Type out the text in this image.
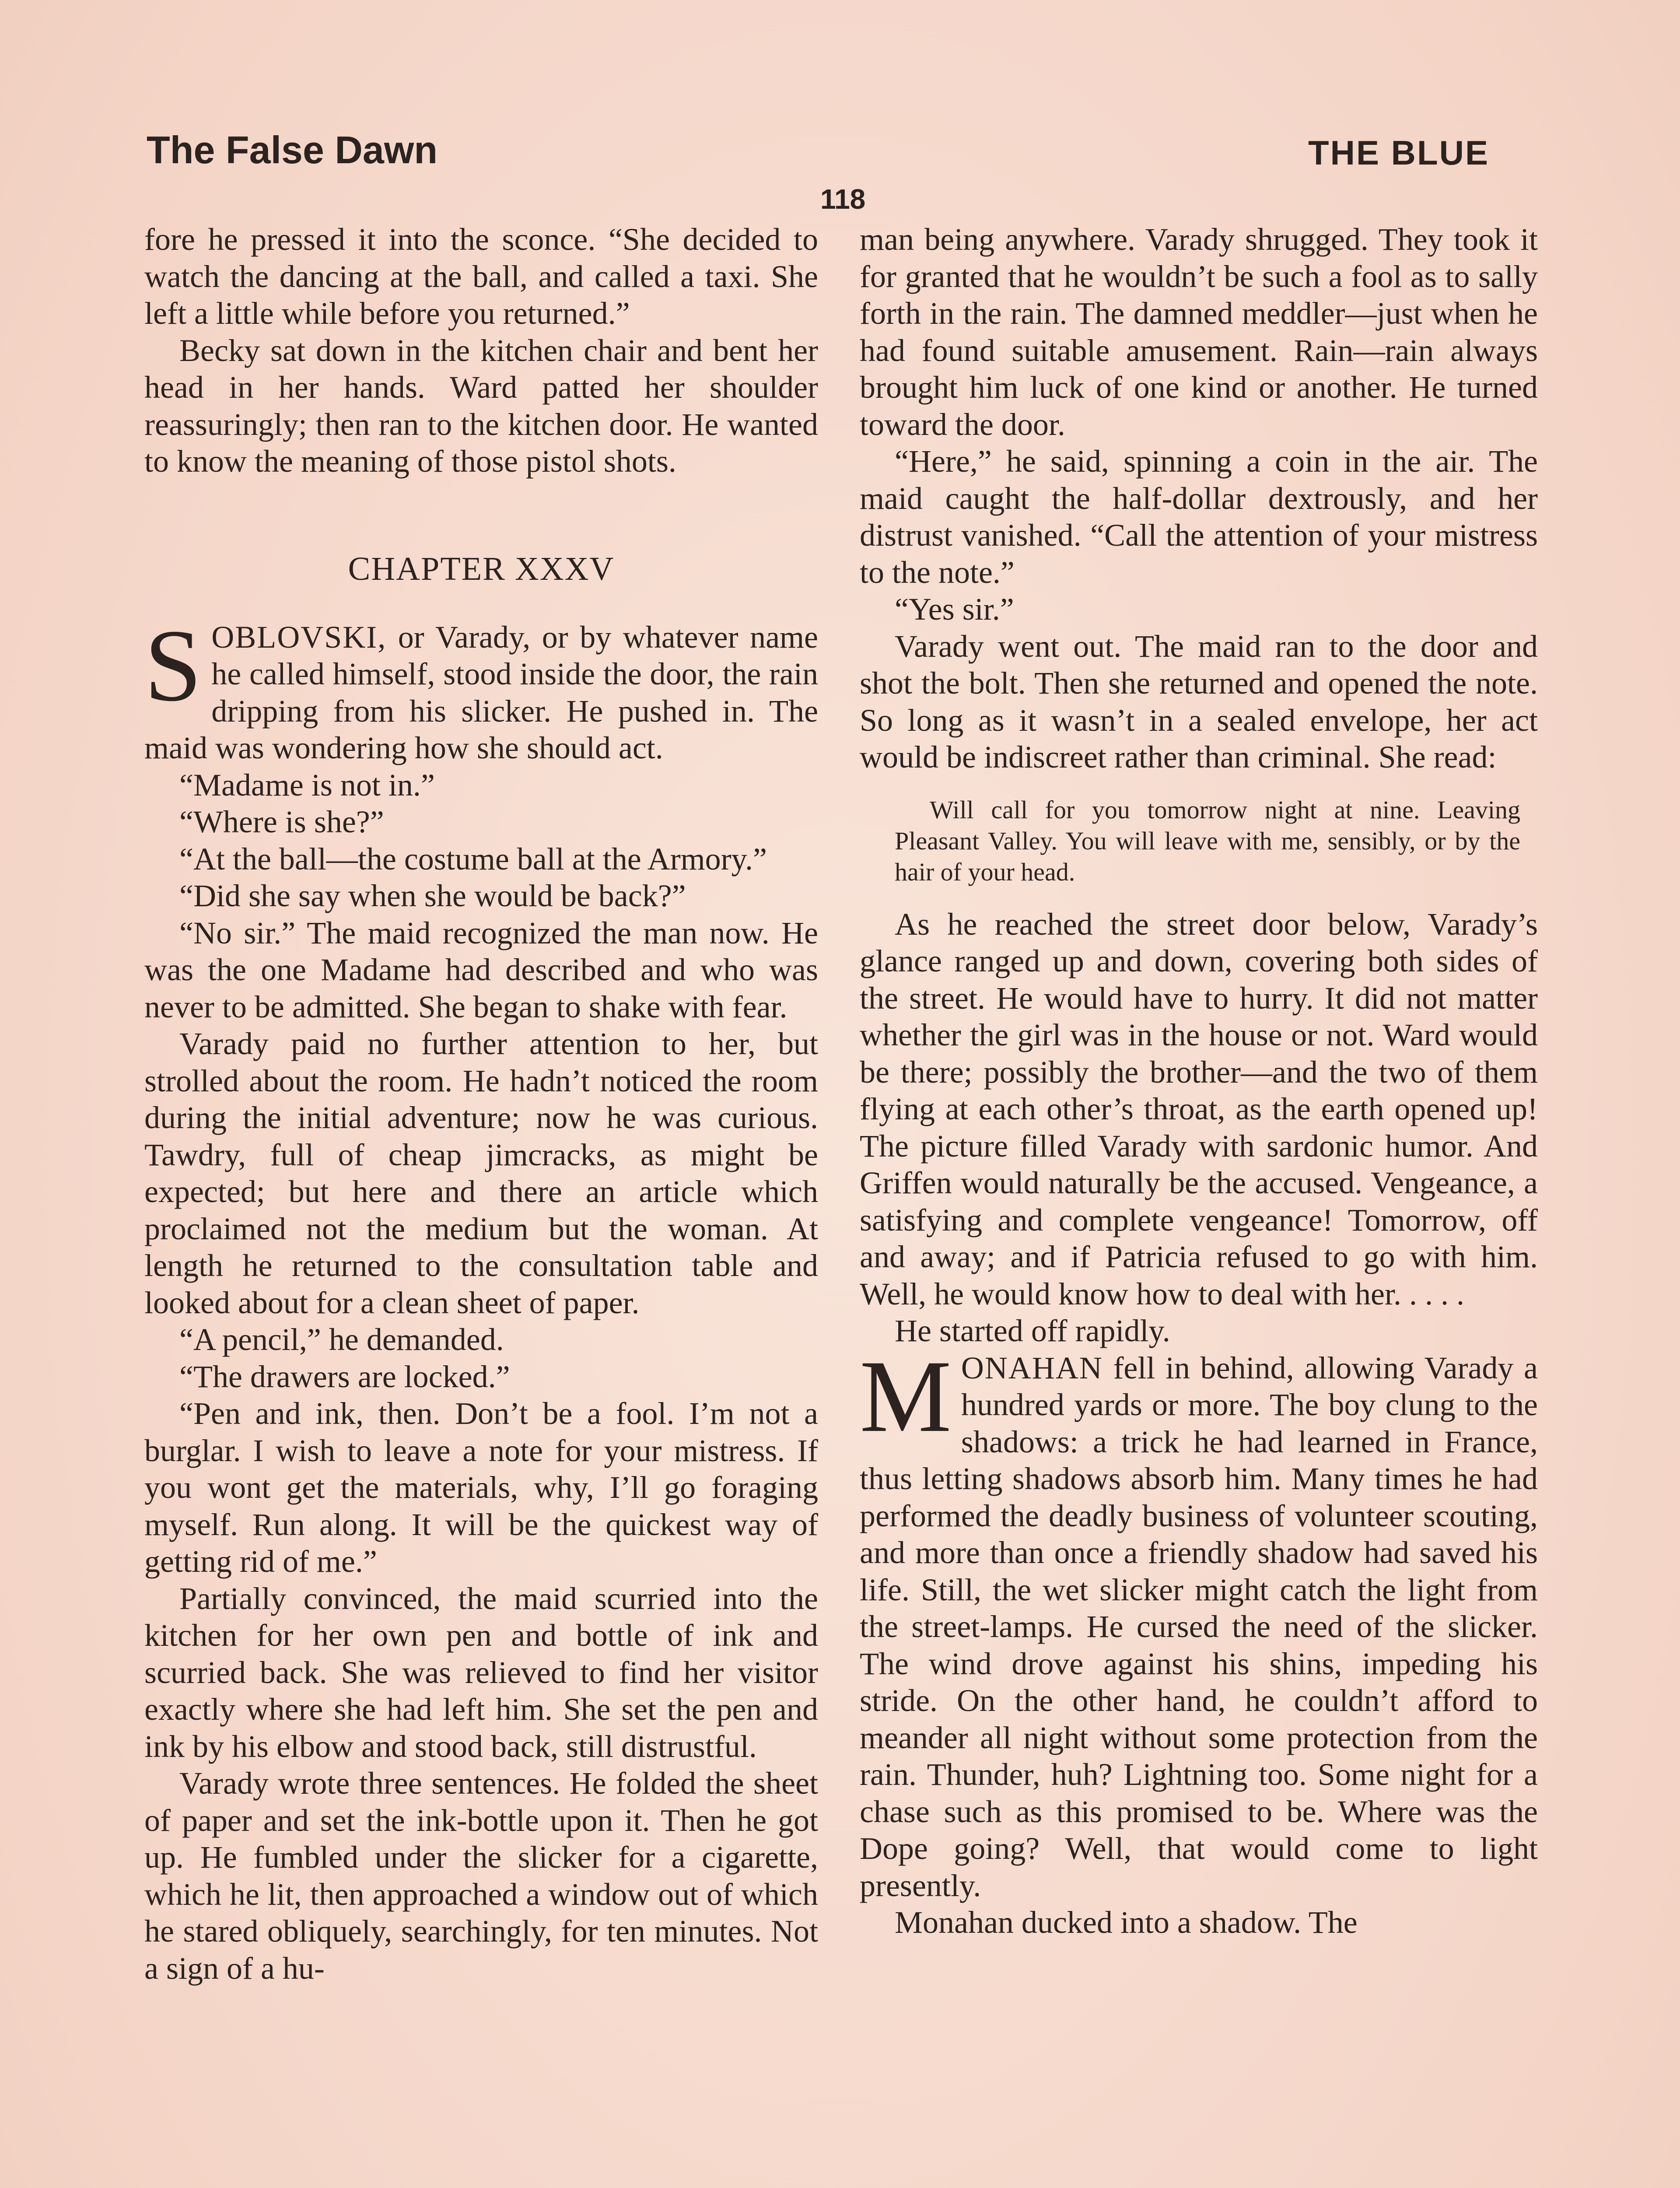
The False Dawn	THE BLUE
118

fore he pressed it into the sconce. “She decided to watch the dancing at the ball, and called a taxi. She left a little while before you returned.”

Becky sat down in the kitchen chair and bent her head in her hands. Ward patted her shoulder reassuringly; then ran to the kitchen door. He wanted to know the meaning of those pistol shots.

CHAPTER XXXV

SOBLOVSKI, or Varady, or by whatever name he called himself, stood inside the door, the rain dripping from his slicker. He pushed in. The maid was wondering how she should act.

“Madame is not in.”

“Where is she?”

“At the ball—the costume ball at the Armory.”

“Did she say when she would be back?”

“No sir.” The maid recognized the man now. He was the one Madame had described and who was never to be admitted. She began to shake with fear.

Varady paid no further attention to her, but strolled about the room. He hadn’t noticed the room during the initial adventure; now he was curious. Tawdry, full of cheap jimcracks, as might be expected; but here and there an article which proclaimed not the medium but the woman. At length he returned to the consultation table and looked about for a clean sheet of paper.

“A pencil,” he demanded.

“The drawers are locked.”

“Pen and ink, then. Don’t be a fool. I’m not a burglar. I wish to leave a note for your mistress. If you wont get the materials, why, I’ll go foraging myself. Run along. It will be the quickest way of getting rid of me.”

Partially convinced, the maid scurried into the kitchen for her own pen and bottle of ink and scurried back. She was relieved to find her visitor exactly where she had left him. She set the pen and ink by his elbow and stood back, still distrustful.

Varady wrote three sentences. He folded the sheet of paper and set the ink-bottle upon it. Then he got up. He fumbled under the slicker for a cigarette, which he lit, then approached a window out of which he stared obliquely, searchingly, for ten minutes. Not a sign of a hu-

man being anywhere. Varady shrugged. They took it for granted that he wouldn’t be such a fool as to sally forth in the rain. The damned meddler—just when he had found suitable amusement. Rain—rain always brought him luck of one kind or another. He turned toward the door.

“Here,” he said, spinning a coin in the air. The maid caught the half-dollar dextrously, and her distrust vanished. “Call the attention of your mistress to the note.”

“Yes sir.”

Varady went out. The maid ran to the door and shot the bolt. Then she returned and opened the note. So long as it wasn’t in a sealed envelope, her act would be indiscreet rather than criminal. She read:

Will call for you tomorrow night at nine. Leaving Pleasant Valley. You will leave with me, sensibly, or by the hair of your head.

As he reached the street door below, Varady’s glance ranged up and down, covering both sides of the street. He would have to hurry. It did not matter whether the girl was in the house or not. Ward would be there; possibly the brother—and the two of them flying at each other’s throat, as the earth opened up! The picture filled Varady with sardonic humor. And Griffen would naturally be the accused. Vengeance, a satisfying and complete vengeance! Tomorrow, off and away; and if Patricia refused to go with him. Well, he would know how to deal with her. . . . .

He started off rapidly.

MONAHAN fell in behind, allowing Varady a hundred yards or more. The boy clung to the shadows: a trick he had learned in France, thus letting shadows absorb him. Many times he had performed the deadly business of volunteer scouting, and more than once a friendly shadow had saved his life. Still, the wet slicker might catch the light from the street-lamps. He cursed the need of the slicker. The wind drove against his shins, impeding his stride. On the other hand, he couldn’t afford to meander all night without some protection from the rain. Thunder, huh? Lightning too. Some night for a chase such as this promised to be. Where was the Dope going? Well, that would come to light presently.

Monahan ducked into a shadow. The
